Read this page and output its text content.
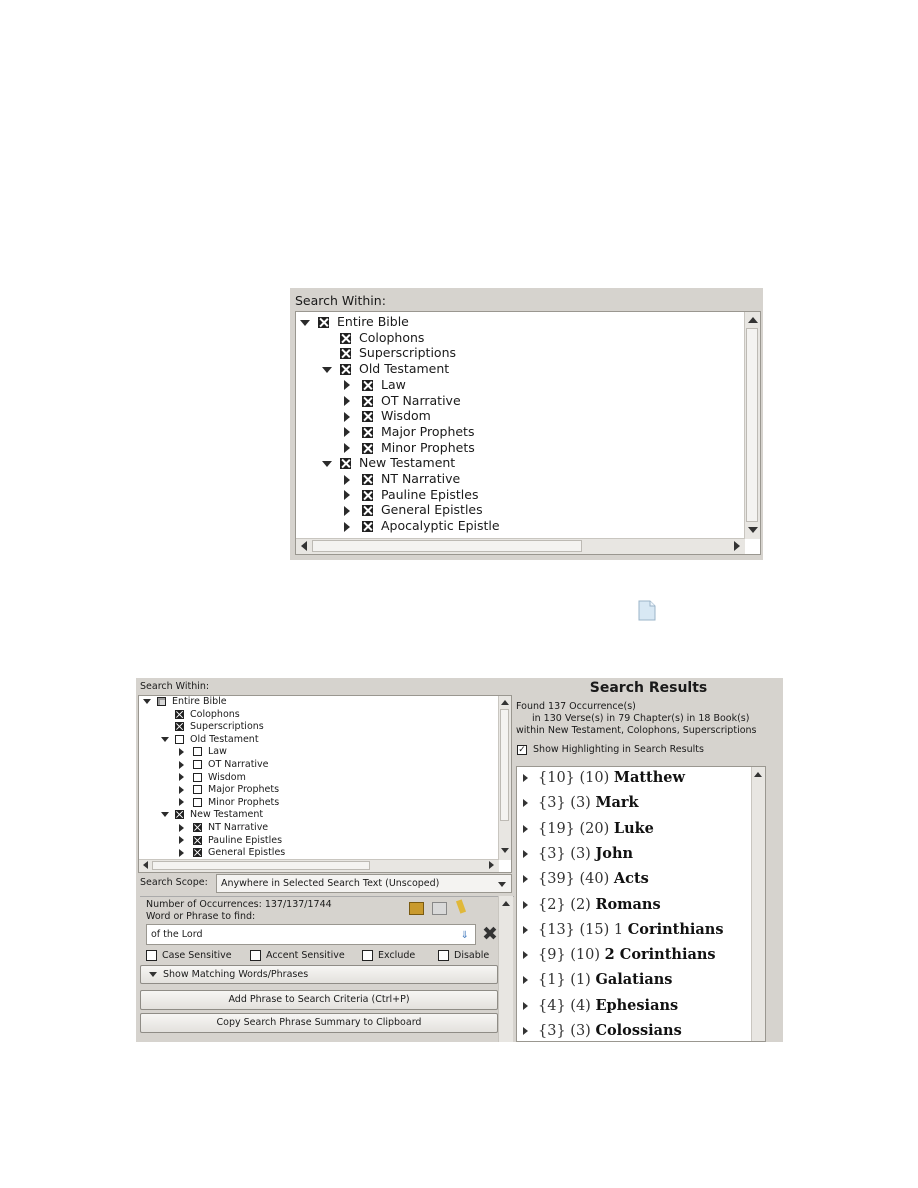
Search Within:
Entire Bible
Colophons
Superscriptions
Old Testament
Law
OT Narrative
Wisdom
Major Prophets
Minor Prophets
New Testament
NT Narrative
Pauline Epistles
General Epistles
Apocalyptic Epistle
Search Within:
Entire Bible
Colophons
Superscriptions
Old Testament
Law
OT Narrative
Wisdom
Major Prophets
Minor Prophets
New Testament
NT Narrative
Pauline Epistles
General Epistles
Search Scope:	Anywhere in Selected Search Text (Unscoped)
Number of Occurrences: 137/137/1744
Word or Phrase to find:
of the Lord	⇓ ✖
Case Sensitive	Accent Sensitive	Exclude	Disable
Show Matching Words/Phrases
Add Phrase to Search Criteria (Ctrl+P)
Copy Search Phrase Summary to Clipboard
Search Results
Found 137 Occurrence(s)
in 130 Verse(s) in 79 Chapter(s) in 18 Book(s)
within New Testament, Colophons, Superscriptions
✓ Show Highlighting in Search Results
{10} (10) Matthew
{3} (3) Mark
{19} (20) Luke
{3} (3) John
{39} (40) Acts
{2} (2) Romans
{13} (15) 1 Corinthians
{9} (10) 2 Corinthians
{1} (1) Galatians
{4} (4) Ephesians
{3} (3) Colossians
